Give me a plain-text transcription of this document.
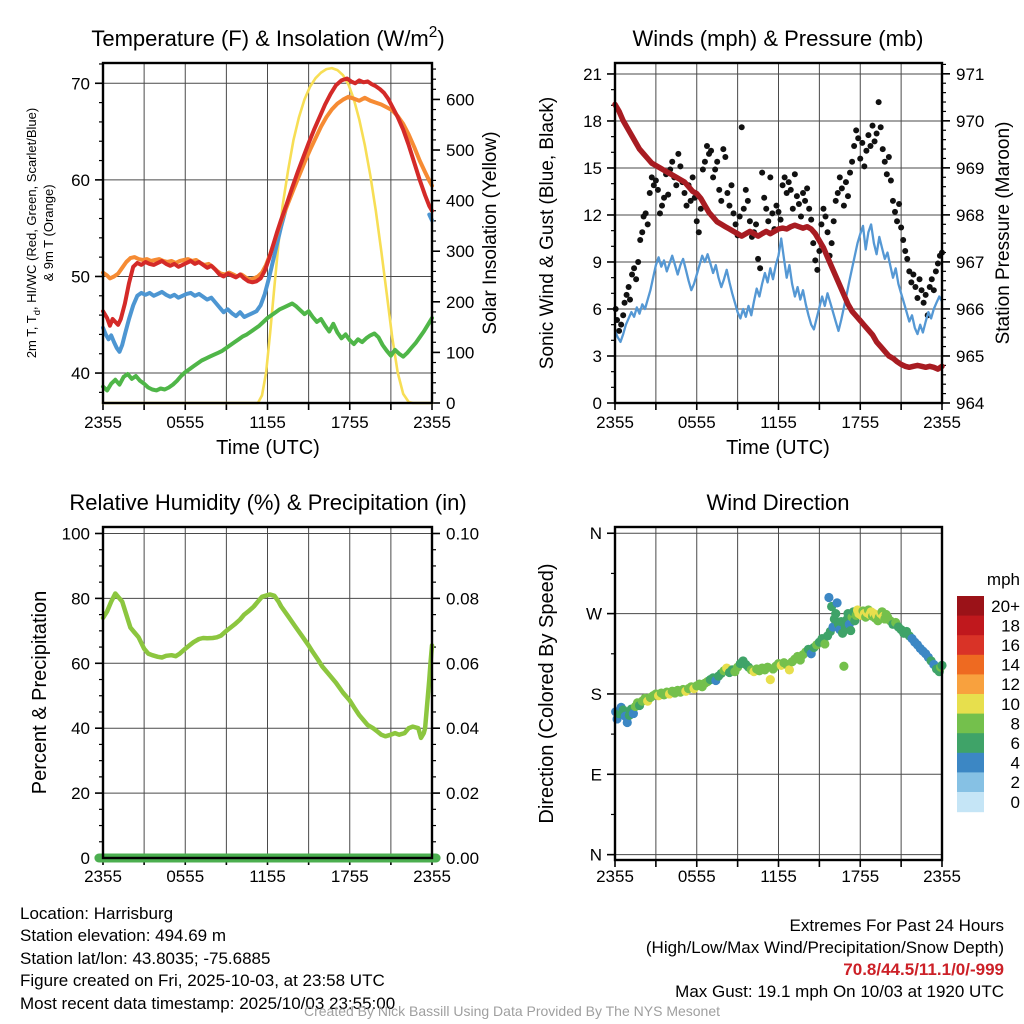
2355	0555	1155	1755	2355
40
50
60
70
0
100
200
300
400
500
600
Temperature (F) & Insolation $(W/m^2)$
Time (UTC)
2m T, $T_d$, HI/WC (Red, Green, Scarlet/Blue) & 9m T (Orange)	Solar Insolation (Yellow)
2355	0555	1155	1755	2355
0
3
6
9
12
15
18
21
964
965
966
967
968
969
970
971
Winds (mph) & Pressure (mb)
Time (UTC)
Sonic Wind & Gust (Blue, Black)	Station Pressure (Maroon)
2355	0555	1155	1755	2355
0
20
40
60
80
100
0.00
0.02
0.04
0.06
0.08
0.10
Relative Humidity (%) & Precipitation (in)
Percent & Precipitation
2355	0555	1155	1755	2355
N
E
S
W
N
Wind Direction
Direction (Colored By Speed)	mph
20+
18
16
14
12
10
8
6
4
2
0
Location: Harrisburg
Station elevation: 494.69 m
Station lat/lon: 43.8035; -75.6885
Figure created on Fri, 2025-10-03, at 23:58 UTC
Most recent data timestamp: 2025/10/03 23:55:00
Extremes For Past 24 Hours
(High/Low/Max Wind/Precipitation/Snow Depth)
70.8/44.5/11.1/0/-999
Max Gust: 19.1 mph On 10/03 at 1920 UTC
Created By Nick Bassill Using Data Provided By The NYS Mesonet
